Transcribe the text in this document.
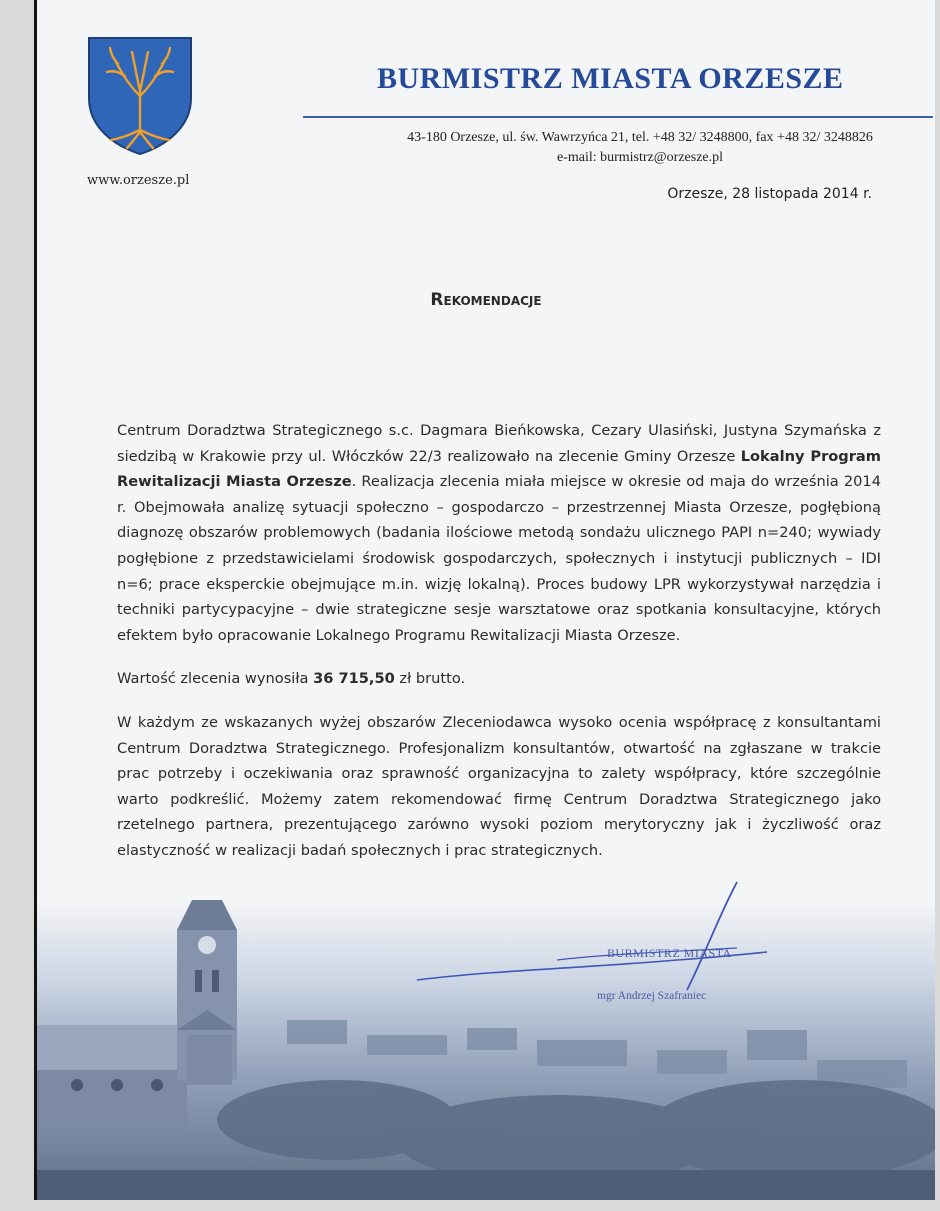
www.orzesze.pl
BURMISTRZ MIASTA ORZESZE
43-180 Orzesze, ul. św. Wawrzyńca 21, tel. +48 32/ 3248800, fax +48 32/ 3248826
e-mail: burmistrz@orzesze.pl
Orzesze, 28 listopada 2014 r.
Rekomendacje

Centrum Doradztwa Strategicznego s.c. Dagmara Bieńkowska, Cezary Ulasiński, Justyna Szymańska z siedzibą w Krakowie przy ul. Włóczków 22/3 realizowało na zlecenie Gminy Orzesze Lokalny Program Rewitalizacji Miasta Orzesze. Realizacja zlecenia miała miejsce w okresie od maja do września 2014 r. Obejmowała analizę sytuacji społeczno – gospodarczo – przestrzennej Miasta Orzesze, pogłębioną diagnozę obszarów problemowych (badania ilościowe metodą sondażu ulicznego PAPI n=240; wywiady pogłębione z przedstawicielami środowisk gospodarczych, społecznych i instytucji publicznych – IDI n=6; prace eksperckie obejmujące m.in. wizję lokalną). Proces budowy LPR wykorzystywał narzędzia i techniki partycypacyjne – dwie strategiczne sesje warsztatowe oraz spotkania konsultacyjne, których efektem było opracowanie Lokalnego Programu Rewitalizacji Miasta Orzesze.

Wartość zlecenia wynosiła 36 715,50 zł brutto.

W każdym ze wskazanych wyżej obszarów Zleceniodawca wysoko ocenia współpracę z konsultantami Centrum Doradztwa Strategicznego. Profesjonalizm konsultantów, otwartość na zgłaszane w trakcie prac potrzeby i oczekiwania oraz sprawność organizacyjna to zalety współpracy, które szczególnie warto podkreślić. Możemy zatem rekomendować firmę Centrum Doradztwa Strategicznego jako rzetelnego partnera, prezentującego zarówno wysoki poziom merytoryczny jak i życzliwość oraz elastyczność w realizacji badań społecznych i prac strategicznych.

BURMISTRZ MIASTA
mgr Andrzej Szafraniec
